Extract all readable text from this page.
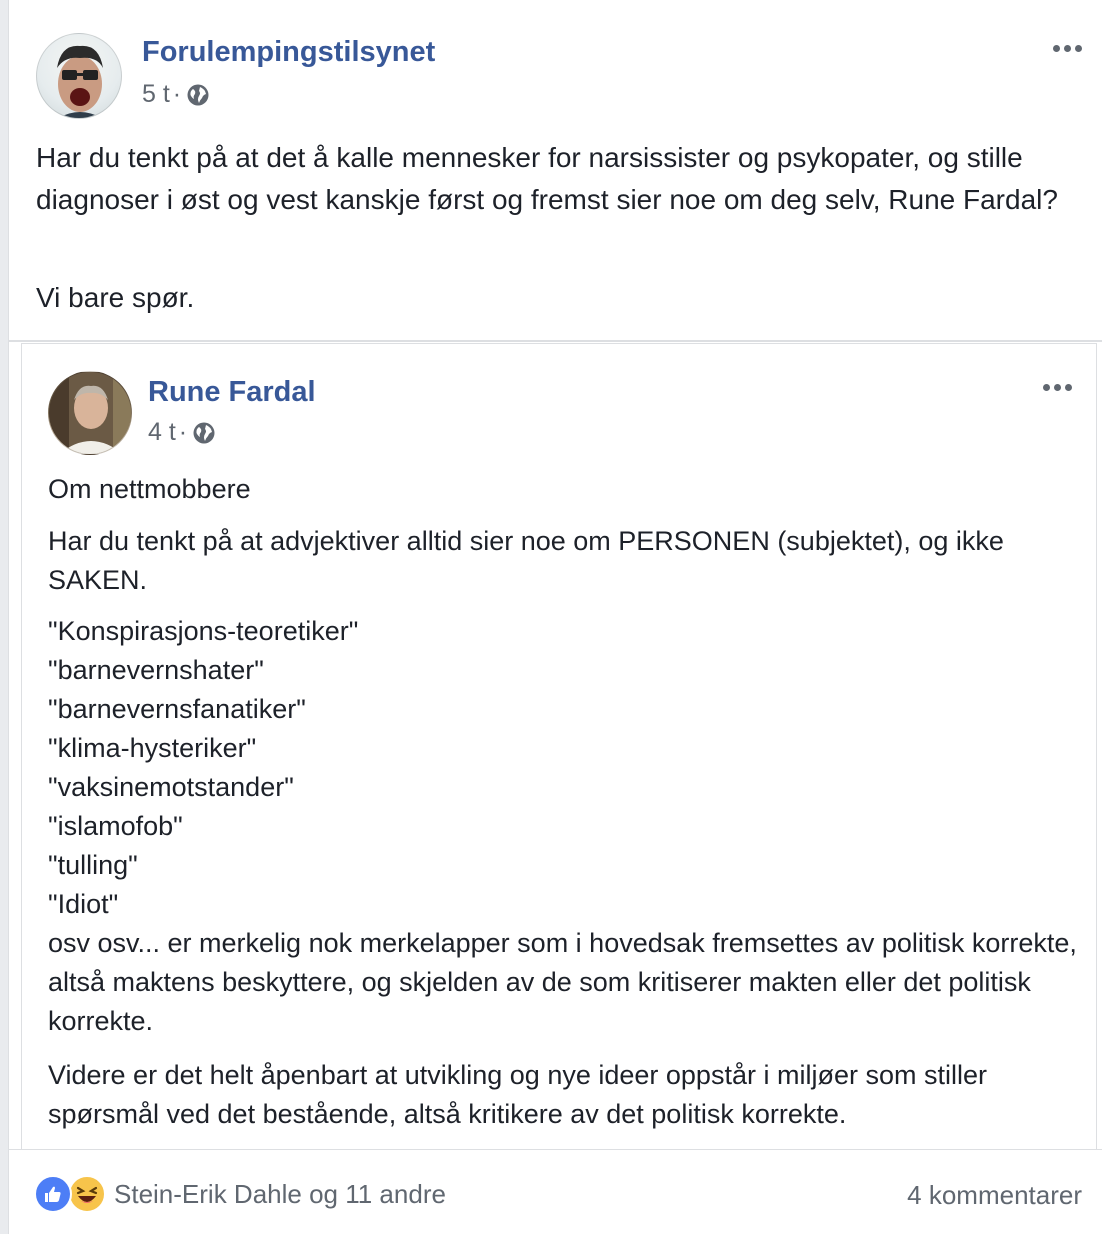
Forulempingstilsynet
5 t ·
Har du tenkt på at det å kalle mennesker for narsissister og psykopater, og stille diagnoser i øst og vest kanskje først og fremst sier noe om deg selv, Rune Fardal?
Vi bare spør.
Rune Fardal
4 t ·
Om nettmobbere
Har du tenkt på at advjektiver alltid sier noe om PERSONEN (subjektet), og ikke SAKEN.
"Konspirasjons-teoretiker"
"barnevernshater"
"barnevernsfanatiker"
"klima-hysteriker"
"vaksinemotstander"
"islamofob"
"tulling"
"Idiot"
osv osv... er merkelig nok merkelapper som i hovedsak fremsettes av politisk korrekte, altså maktens beskyttere, og skjelden av de som kritiserer makten eller det politisk korrekte.
Videre er det helt åpenbart at utvikling og nye ideer oppstår i miljøer som stiller spørsmål ved det bestående, altså kritikere av det politisk korrekte.
Stein-Erik Dahle og 11 andre	4 kommentarer
